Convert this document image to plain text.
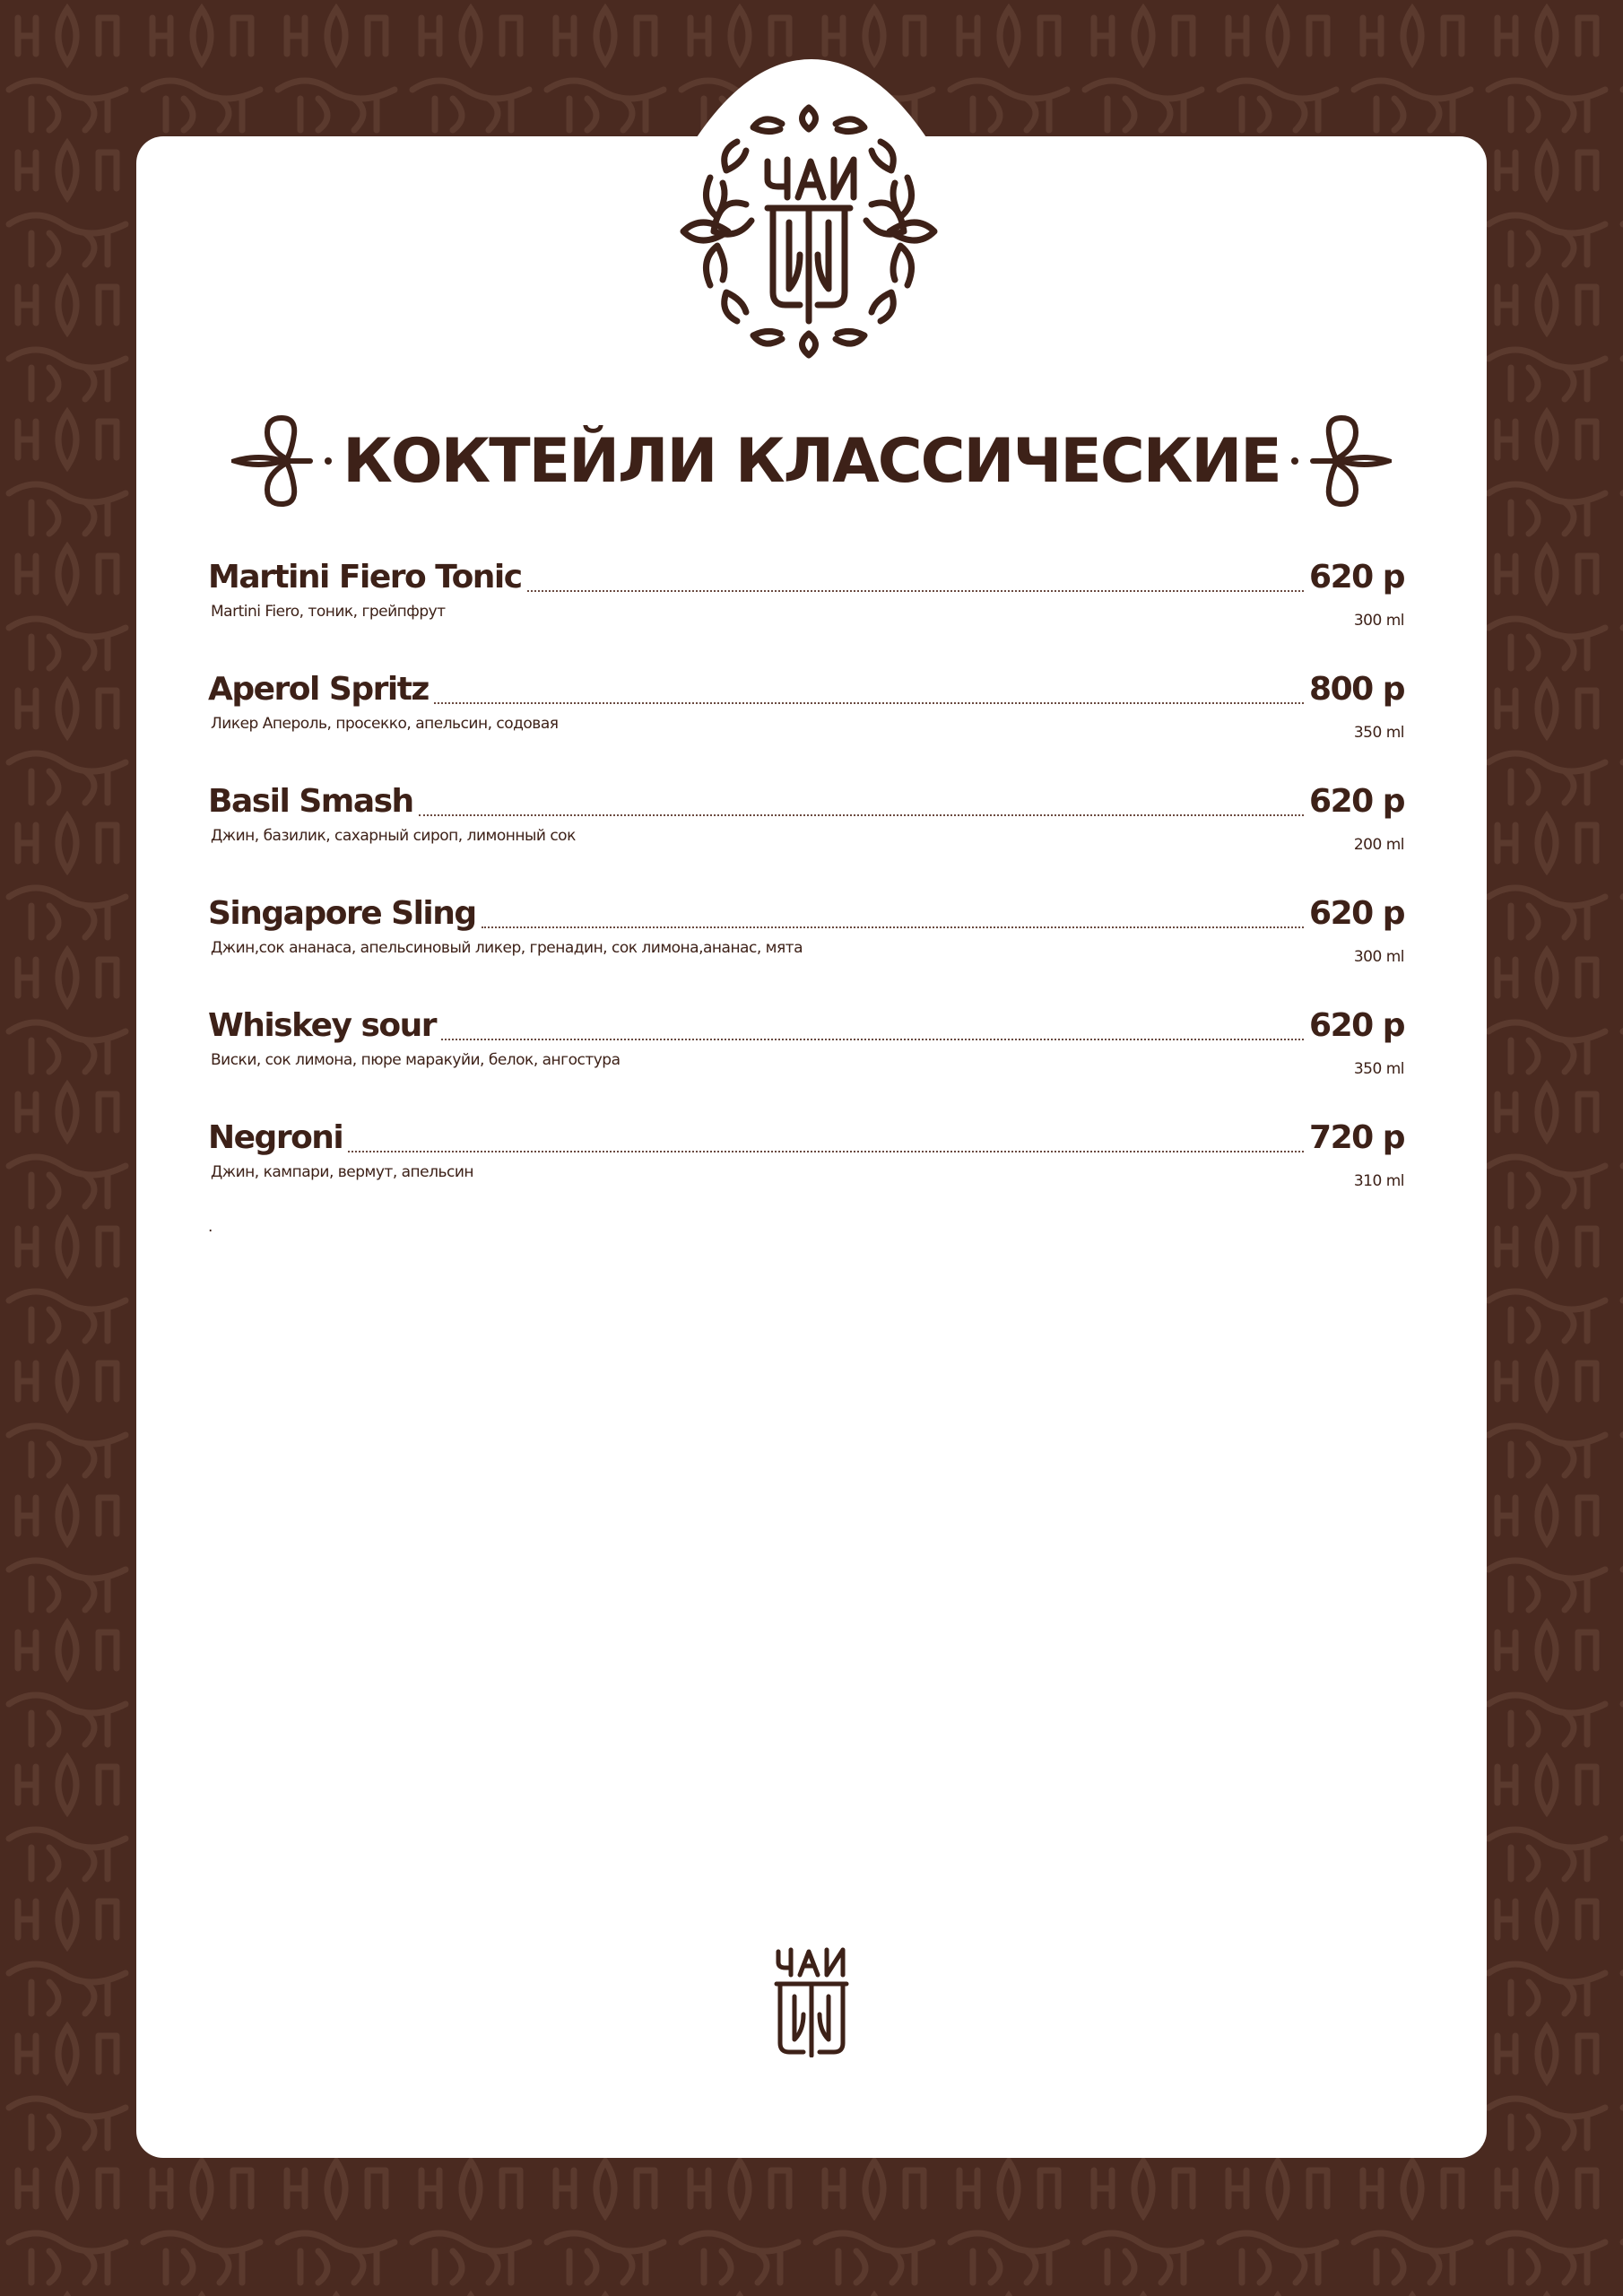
КОКТЕЙЛИ КЛАССИЧЕСКИЕ
Martini Fiero Tonic	620 р
Martini Fiero, тоник, грейпфрут	300 ml
Aperol Spritz	800 р
Ликер Апероль, просекко, апельсин, содовая	350 ml
Basil Smash	620 р
Джин, базилик, сахарный сироп, лимонный сок	200 ml
Singapore Sling	620 р
Джин,сок ананаса, апельсиновый ликер, гренадин, сок лимона,ананас, мята	300 ml
Whiskey sour	620 р
Виски, сок лимона, пюре маракуйи, белок, ангостура	350 ml
Negroni	720 р
Джин, кампари, вермут, апельсин	310 ml
.
